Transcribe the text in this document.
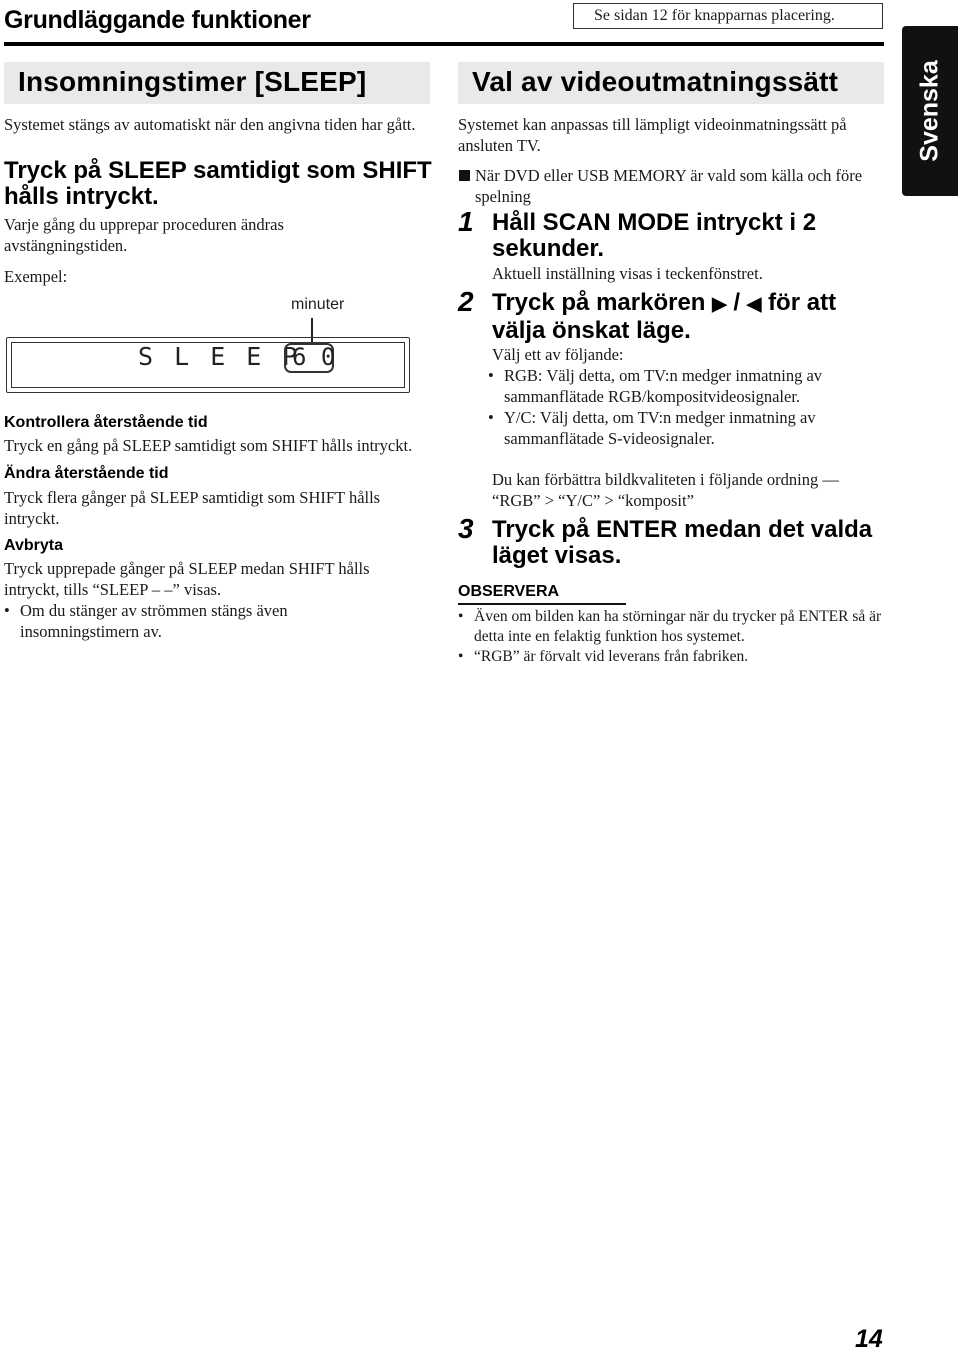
Grundläggande funktioner	Se sidan 12 för knapparnas placering.
Svenska
Insomningstimer [SLEEP]
Systemet stängs av automatiskt när den angivna tiden har gått.
Tryck på SLEEP samtidigt som SHIFT hålls intryckt.
Varje gång du upprepar proceduren ändras avstängningstiden.
Exempel:
minuter
S L E E P
6 0
Kontrollera återstående tid
Tryck en gång på SLEEP samtidigt som SHIFT hålls intryckt.
Ändra återstående tid
Tryck flera gånger på SLEEP samtidigt som SHIFT hålls intryckt.
Avbryta
Tryck upprepade gånger på SLEEP medan SHIFT hålls intryckt, tills “SLEEP – –” visas.
• Om du stänger av strömmen stängs även insomningstimern av.
Val av videoutmatningssätt
Systemet kan anpassas till lämpligt videoinmatningssätt på ansluten TV.
När DVD eller USB MEMORY är vald som källa och före spelning
1 Håll SCAN MODE intryckt i 2 sekunder.
Aktuell inställning visas i teckenfönstret.
2 Tryck på markören ▶ / ◀ för att välja önskat läge.
Välj ett av följande:
• RGB: Välj detta, om TV:n medger inmatning av sammanflätade RGB/kompositvideosignaler.
• Y/C: Välj detta, om TV:n medger inmatning av sammanflätade S-videosignaler.
Du kan förbättra bildkvaliteten i följande ordning —
“RGB” > “Y/C” > “komposit”
3 Tryck på ENTER medan det valda läget visas.
OBSERVERA
• Även om bilden kan ha störningar när du trycker på ENTER så är detta inte en felaktig funktion hos systemet.
• “RGB” är förvalt vid leverans från fabriken.
14
